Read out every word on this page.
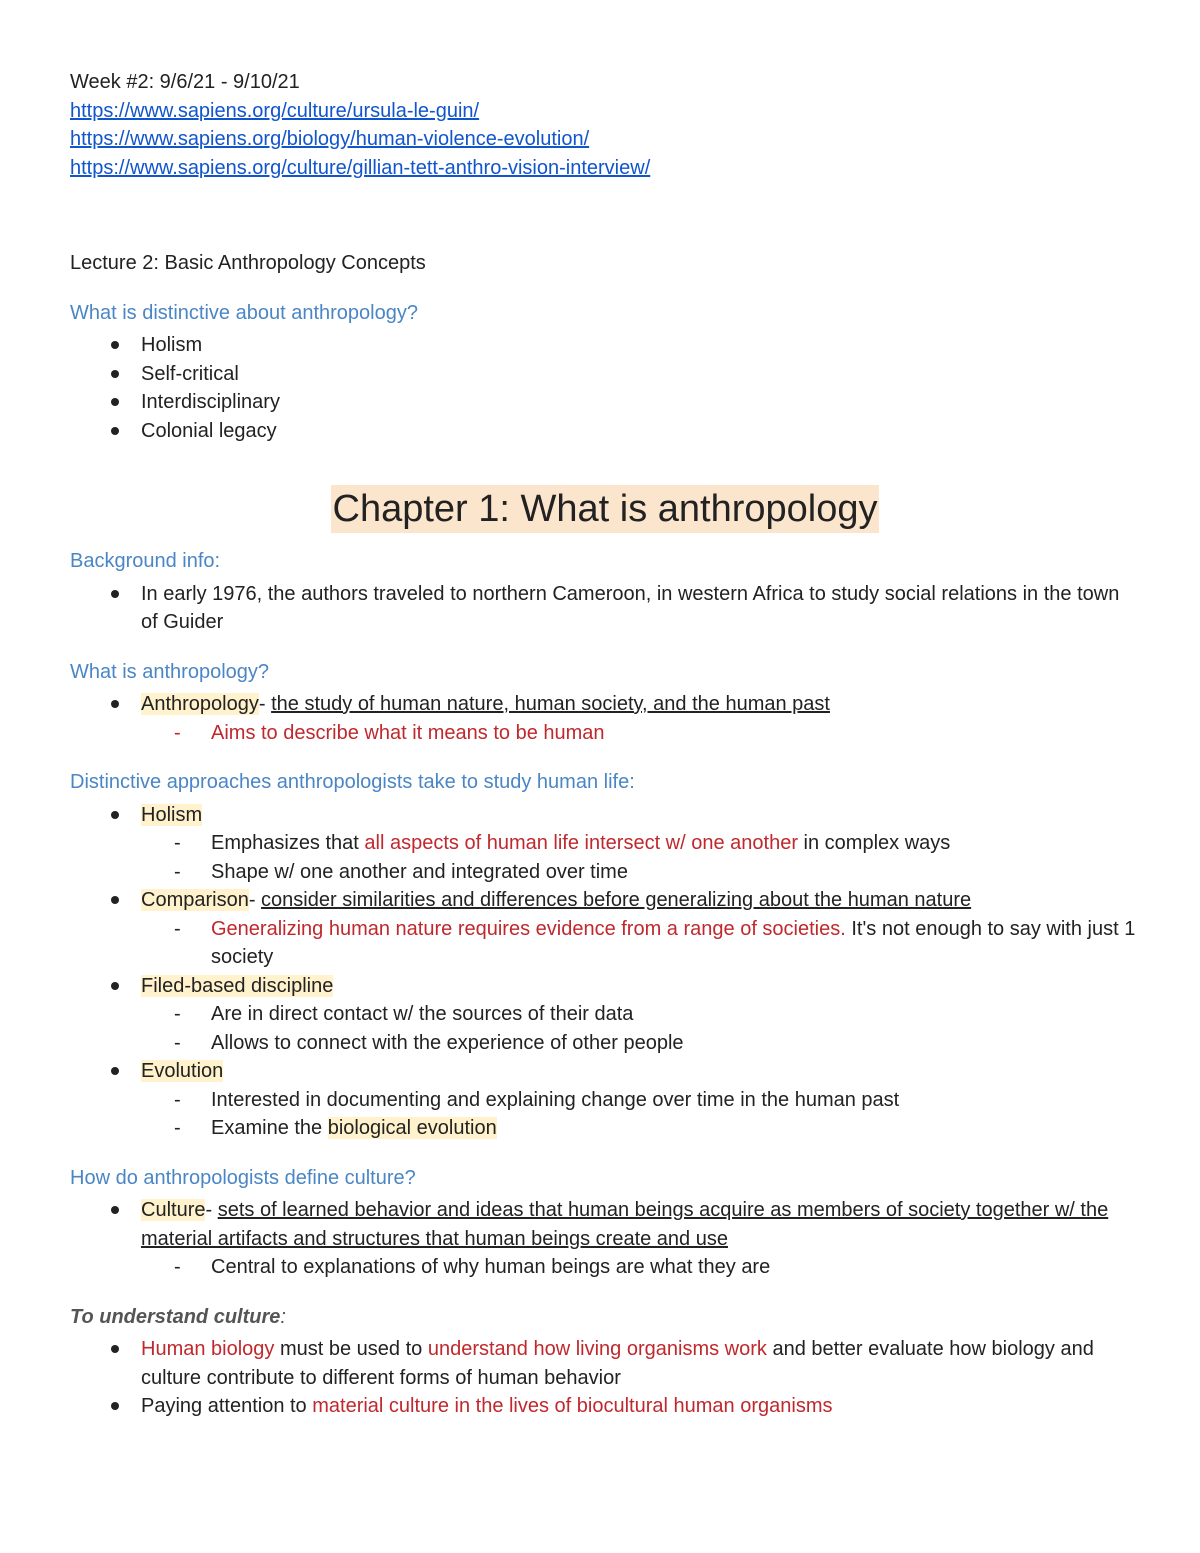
Week #2: 9/6/21 - 9/10/21

https://www.sapiens.org/culture/ursula-le-guin/

https://www.sapiens.org/biology/human-violence-evolution/

https://www.sapiens.org/culture/gillian-tett-anthro-vision-interview/

Lecture 2: Basic Anthropology Concepts

What is distinctive about anthropology?

Holism
Self-critical
Interdisciplinary
Colonial legacy
Chapter 1: What is anthropology

Background info:

In early 1976, the authors traveled to northern Cameroon, in western Africa to study social relations in the town of Guider

What is anthropology?

Anthropology- the study of human nature, human society, and the human past
- Aims to describe what it means to be human

Distinctive approaches anthropologists take to study human life:

Holism
- Emphasizes that all aspects of human life intersect w/ one another in complex ways
- Shape w/ one another and integrated over time
Comparison- consider similarities and differences before generalizing about the human nature
- Generalizing human nature requires evidence from a range of societies. It's not enough to say with just 1 society
Filed-based discipline
- Are in direct contact w/ the sources of their data
- Allows to connect with the experience of other people
Evolution
- Interested in documenting and explaining change over time in the human past
- Examine the biological evolution

How do anthropologists define culture?

Culture- sets of learned behavior and ideas that human beings acquire as members of society together w/ the material artifacts and structures that human beings create and use
- Central to explanations of why human beings are what they are

To understand culture:

Human biology must be used to understand how living organisms work and better evaluate how biology and culture contribute to different forms of human behavior
Paying attention to material culture in the lives of biocultural human organisms
